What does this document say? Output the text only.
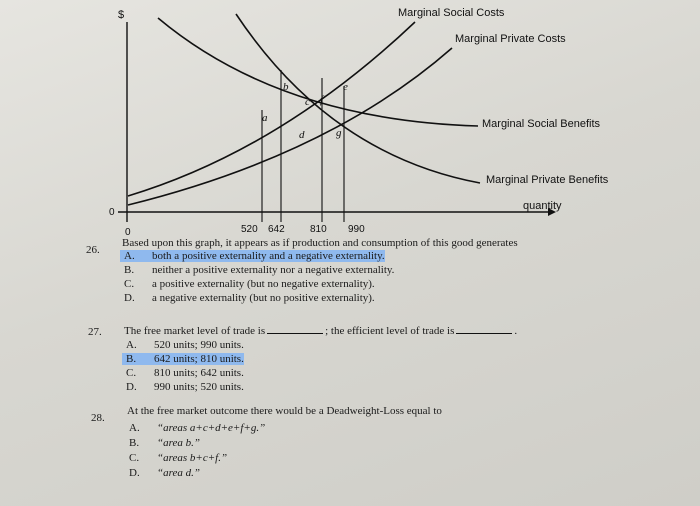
$
0
Marginal Social Costs
Marginal Private Costs
Marginal Social Benefits
Marginal Private Benefits
quantity
a
b
c
d
e
f
g
0	520 642	810 990
26.
Based upon this graph, it appears as if production and consumption of this good generates
A. both a positive externality and a negative externality.
B. neither a positive externality nor a negative externality.
C. a positive externality (but no negative externality).
D. a negative externality (but no positive externality).
27. The free market level of trade is	; the efficient level of trade is	.
A. 520 units; 990 units.
B. 642 units; 810 units.
C. 810 units; 642 units.
D. 990 units; 520 units.
28.
At the free market outcome there would be a Deadweight-Loss equal to
A. “areas a+c+d+e+f+g.”
B. “area b.”
C. “areas b+c+f.”
D. “area d.”
